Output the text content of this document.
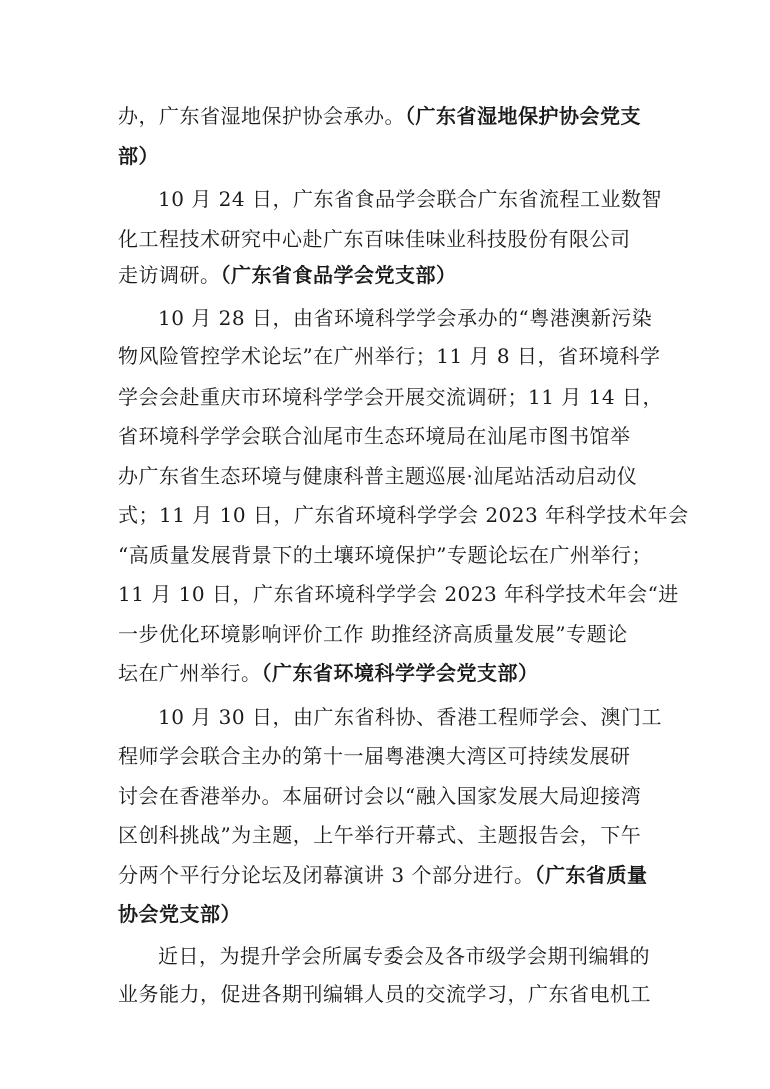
办，广东省湿地保护协会承办。（广东省湿地保护协会党支
部）
10 月 24 日，广东省食品学会联合广东省流程工业数智
化工程技术研究中心赴广东百味佳味业科技股份有限公司
走访调研。（广东省食品学会党支部）
10 月 28 日，由省环境科学学会承办的“粤港澳新污染
物风险管控学术论坛”在广州举行；11 月 8 日，省环境科学
学会会赴重庆市环境科学学会开展交流调研；11 月 14 日，
省环境科学学会联合汕尾市生态环境局在汕尾市图书馆举
办广东省生态环境与健康科普主题巡展·汕尾站活动启动仪
式；11 月 10 日，广东省环境科学学会 2023 年科学技术年会
“高质量发展背景下的土壤环境保护”专题论坛在广州举行；
11 月 10 日，广东省环境科学学会 2023 年科学技术年会“进
一步优化环境影响评价工作 助推经济高质量发展”专题论
坛在广州举行。（广东省环境科学学会党支部）
10 月 30 日，由广东省科协、香港工程师学会、澳门工
程师学会联合主办的第十一届粤港澳大湾区可持续发展研
讨会在香港举办。本届研讨会以“融入国家发展大局迎接湾
区创科挑战”为主题，上午举行开幕式、主题报告会，下午
分两个平行分论坛及闭幕演讲 3 个部分进行。（广东省质量
协会党支部）
近日，为提升学会所属专委会及各市级学会期刊编辑的
业务能力，促进各期刊编辑人员的交流学习，广东省电机工
